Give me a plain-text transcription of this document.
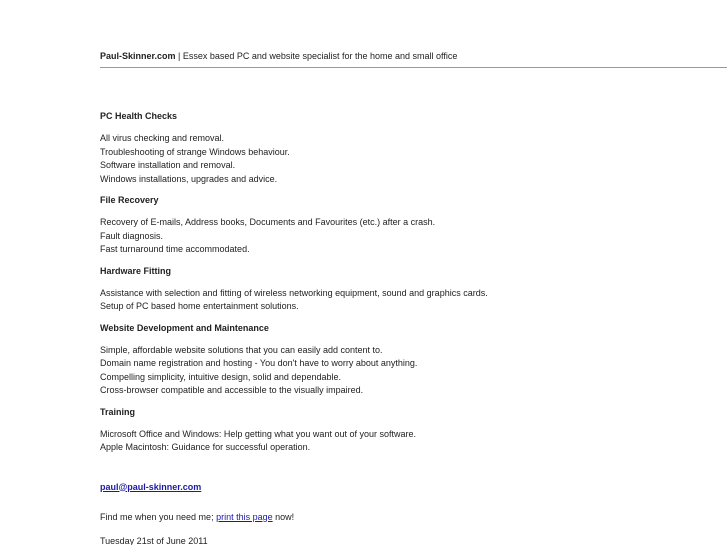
Paul-Skinner.com | Essex based PC and website specialist for the home and small office
PC Health Checks
All virus checking and removal.
Troubleshooting of strange Windows behaviour.
Software installation and removal.
Windows installations, upgrades and advice.
File Recovery
Recovery of E-mails, Address books, Documents and Favourites (etc.) after a crash.
Fault diagnosis.
Fast turnaround time accommodated.
Hardware Fitting
Assistance with selection and fitting of wireless networking equipment, sound and graphics cards.
Setup of PC based home entertainment solutions.
Website Development and Maintenance
Simple, affordable website solutions that you can easily add content to.
Domain name registration and hosting - You don't have to worry about anything.
Compelling simplicity, intuitive design, solid and dependable.
Cross-browser compatible and accessible to the visually impaired.
Training
Microsoft Office and Windows: Help getting what you want out of your software.
Apple Macintosh: Guidance for successful operation.
paul@paul-skinner.com
Find me when you need me; print this page now!
Tuesday 21st of June 2011
